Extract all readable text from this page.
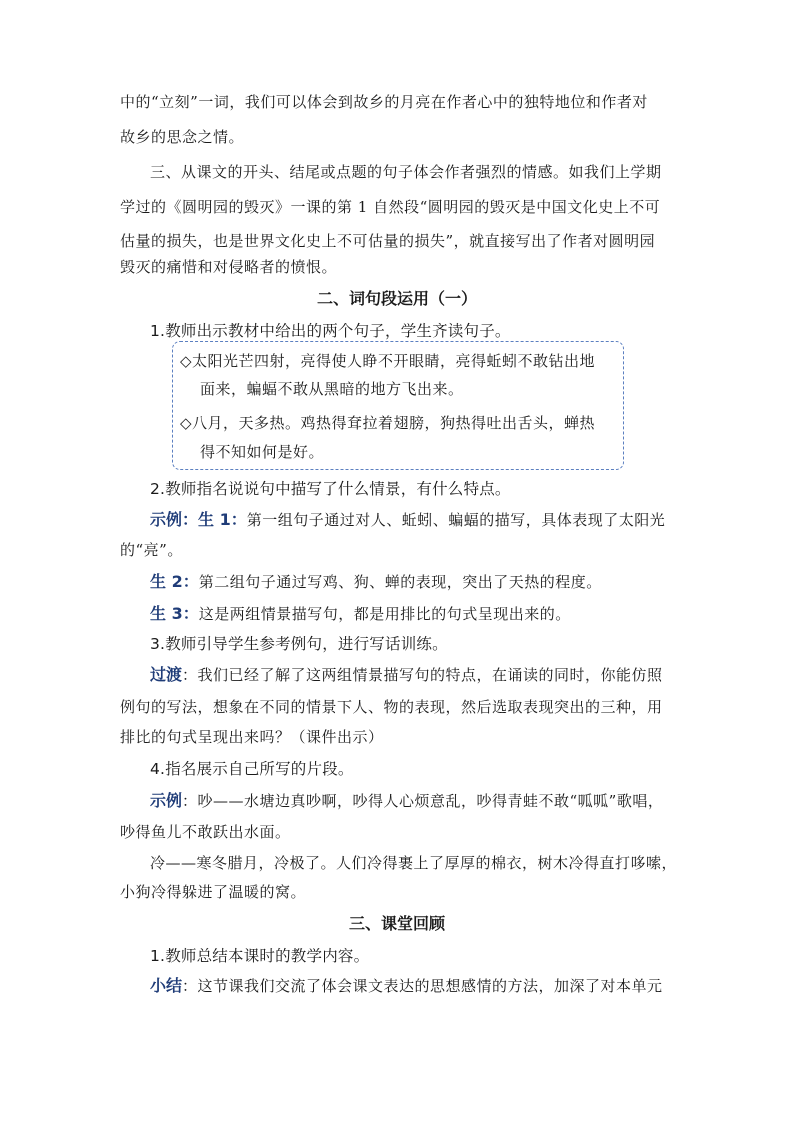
中的“立刻”一词，我们可以体会到故乡的月亮在作者心中的独特地位和作者对
故乡的思念之情。
三、从课文的开头、结尾或点题的句子体会作者强烈的情感。如我们上学期
学过的《圆明园的毁灭》一课的第 1 自然段“圆明园的毁灭是中国文化史上不可
估量的损失，也是世界文化史上不可估量的损失”，就直接写出了作者对圆明园
毁灭的痛惜和对侵略者的愤恨。
二、词句段运用（一）
1.教师出示教材中给出的两个句子，学生齐读句子。
◇太阳光芒四射，亮得使人睁不开眼睛，亮得蚯蚓不敢钻出地
面来，蝙蝠不敢从黑暗的地方飞出来。
◇八月，天多热。鸡热得耷拉着翅膀，狗热得吐出舌头，蝉热
得不知如何是好。
2.教师指名说说句中描写了什么情景，有什么特点。
示例：生 1：第一组句子通过对人、蚯蚓、蝙蝠的描写，具体表现了太阳光
的“亮”。
生 2：第二组句子通过写鸡、狗、蝉的表现，突出了天热的程度。
生 3：这是两组情景描写句，都是用排比的句式呈现出来的。
3.教师引导学生参考例句，进行写话训练。
过渡：我们已经了解了这两组情景描写句的特点，在诵读的同时，你能仿照
例句的写法，想象在不同的情景下人、物的表现，然后选取表现突出的三种，用
排比的句式呈现出来吗？（课件出示）
4.指名展示自己所写的片段。
示例：吵——水塘边真吵啊，吵得人心烦意乱，吵得青蛙不敢“呱呱”歌唱，
吵得鱼儿不敢跃出水面。
冷——寒冬腊月，冷极了。人们冷得裹上了厚厚的棉衣，树木冷得直打哆嗦，
小狗冷得躲进了温暖的窝。
三、课堂回顾
1.教师总结本课时的教学内容。
小结：这节课我们交流了体会课文表达的思想感情的方法，加深了对本单元
